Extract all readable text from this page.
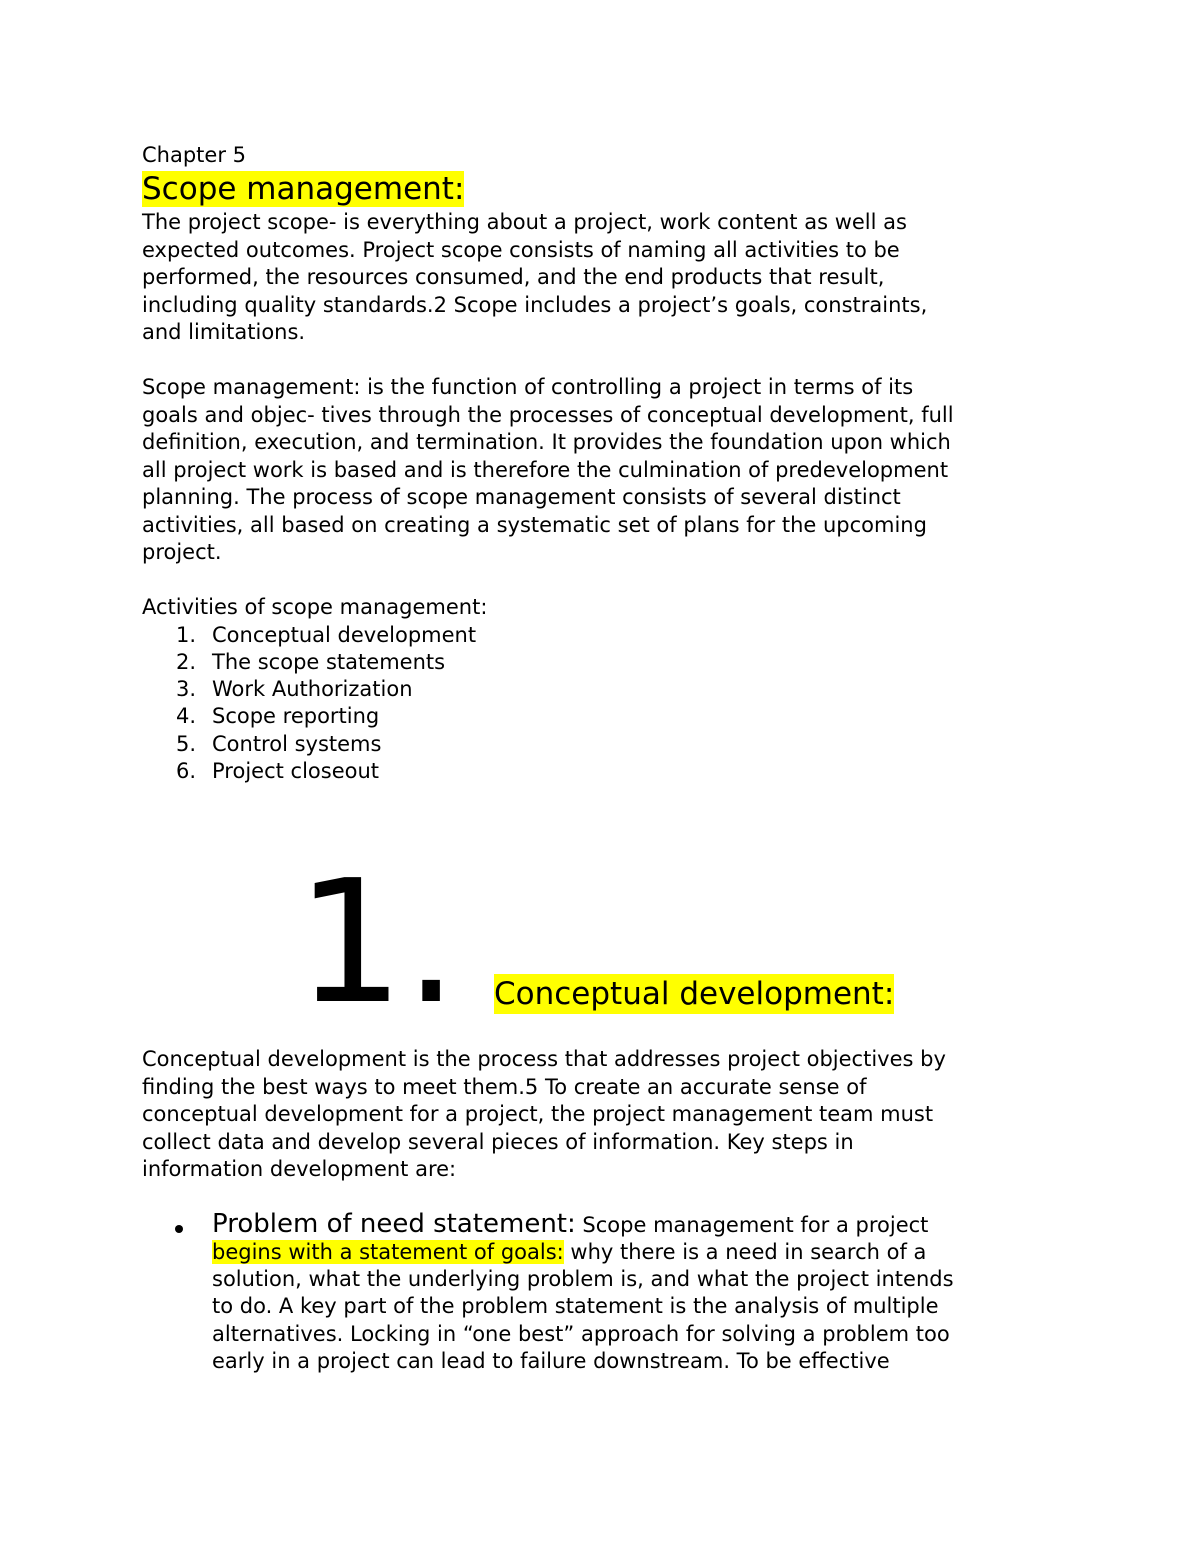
Chapter 5

Scope management:

The project scope- is everything about a project, work content as well as

expected outcomes. Project scope consists of naming all activities to be

performed, the resources consumed, and the end products that result,

including quality standards.2 Scope includes a project’s goals, constraints,

and limitations.

Scope management: is the function of controlling a project in terms of its

goals and objec- tives through the processes of conceptual development, full

definition, execution, and termination. It provides the foundation upon which

all project work is based and is therefore the culmination of predevelopment

planning. The process of scope management consists of several distinct

activities, all based on creating a systematic set of plans for the upcoming

project.

Activities of scope management:

1. Conceptual development
2. The scope statements
3. Work Authorization
4. Scope reporting
5. Control systems
6. Project closeout
1. Conceptual development:

Conceptual development is the process that addresses project objectives by

finding the best ways to meet them.5 To create an accurate sense of

conceptual development for a project, the project management team must

collect data and develop several pieces of information. Key steps in

information development are:

Problem of need statement: Scope management for a project

begins with a statement of goals: why there is a need in search of a

solution, what the underlying problem is, and what the project intends

to do. A key part of the problem statement is the analysis of multiple

alternatives. Locking in “one best” approach for solving a problem too

early in a project can lead to failure downstream. To be effective
